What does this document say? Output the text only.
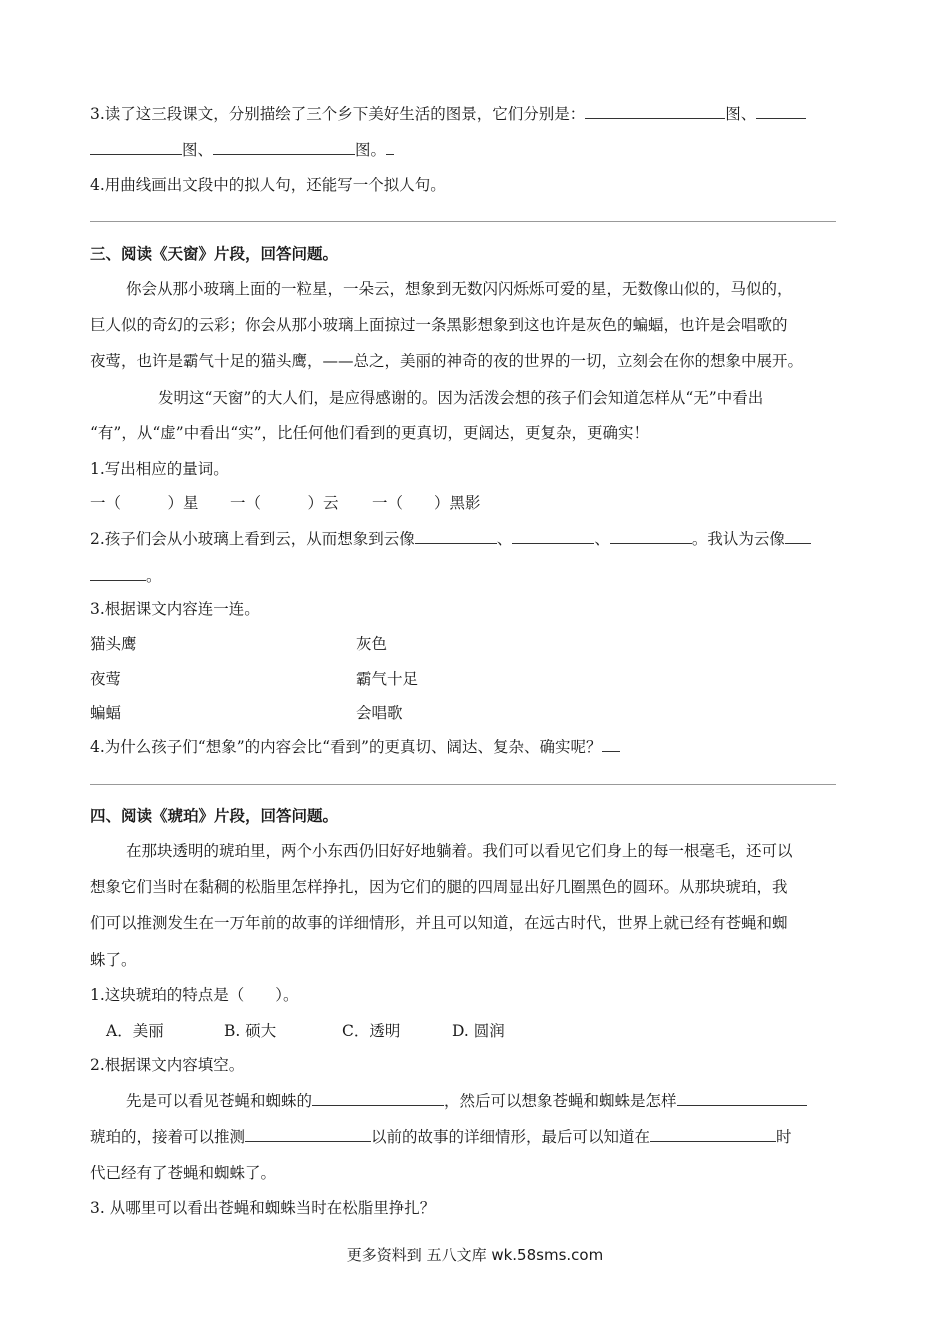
3.读了这三段课文，分别描绘了三个乡下美好生活的图景，它们分别是：	图、
图、	图。
4.用曲线画出文段中的拟人句，还能写一个拟人句。
三、阅读《天窗》片段，回答问题。
你会从那小玻璃上面的一粒星，一朵云，想象到无数闪闪烁烁可爱的星，无数像山似的，马似的，
巨人似的奇幻的云彩；你会从那小玻璃上面掠过一条黑影想象到这也许是灰色的蝙蝠，也许是会唱歌的
夜莺，也许是霸气十足的猫头鹰，——总之，美丽的神奇的夜的世界的一切，立刻会在你的想象中展开。
发明这“天窗”的大人们，是应得感谢的。因为活泼会想的孩子们会知道怎样从“无”中看出
“有”，从“虚”中看出“实”，比任何他们看到的更真切，更阔达，更复杂，更确实！
1.写出相应的量词。
一（　　　）星 一（　　　）云 一（　　）黑影
2.孩子们会从小玻璃上看到云，从而想象到云像	、	、	。我认为云像
。
3.根据课文内容连一连。
猫头鹰	灰色
夜莺	霸气十足
蝙蝠	会唱歌
4.为什么孩子们“想象”的内容会比“看到”的更真切、阔达、复杂、确实呢？
四、阅读《琥珀》片段，回答问题。
在那块透明的琥珀里，两个小东西仍旧好好地躺着。我们可以看见它们身上的每一根毫毛，还可以
想象它们当时在黏稠的松脂里怎样挣扎，因为它们的腿的四周显出好几圈黑色的圆环。从那块琥珀，我
们可以推测发生在一万年前的故事的详细情形，并且可以知道，在远古时代，世界上就已经有苍蝇和蜘
蛛了。
1.这块琥珀的特点是（　　）。
A．美丽	B. 硕大	C．透明	D. 圆润
2.根据课文内容填空。
先是可以看见苍蝇和蜘蛛的	，然后可以想象苍蝇和蜘蛛是怎样
琥珀的，接着可以推测	以前的故事的详细情形，最后可以知道在	时
代已经有了苍蝇和蜘蛛了。
3. 从哪里可以看出苍蝇和蜘蛛当时在松脂里挣扎？
更多资料到 五八文库 wk.58sms.com
